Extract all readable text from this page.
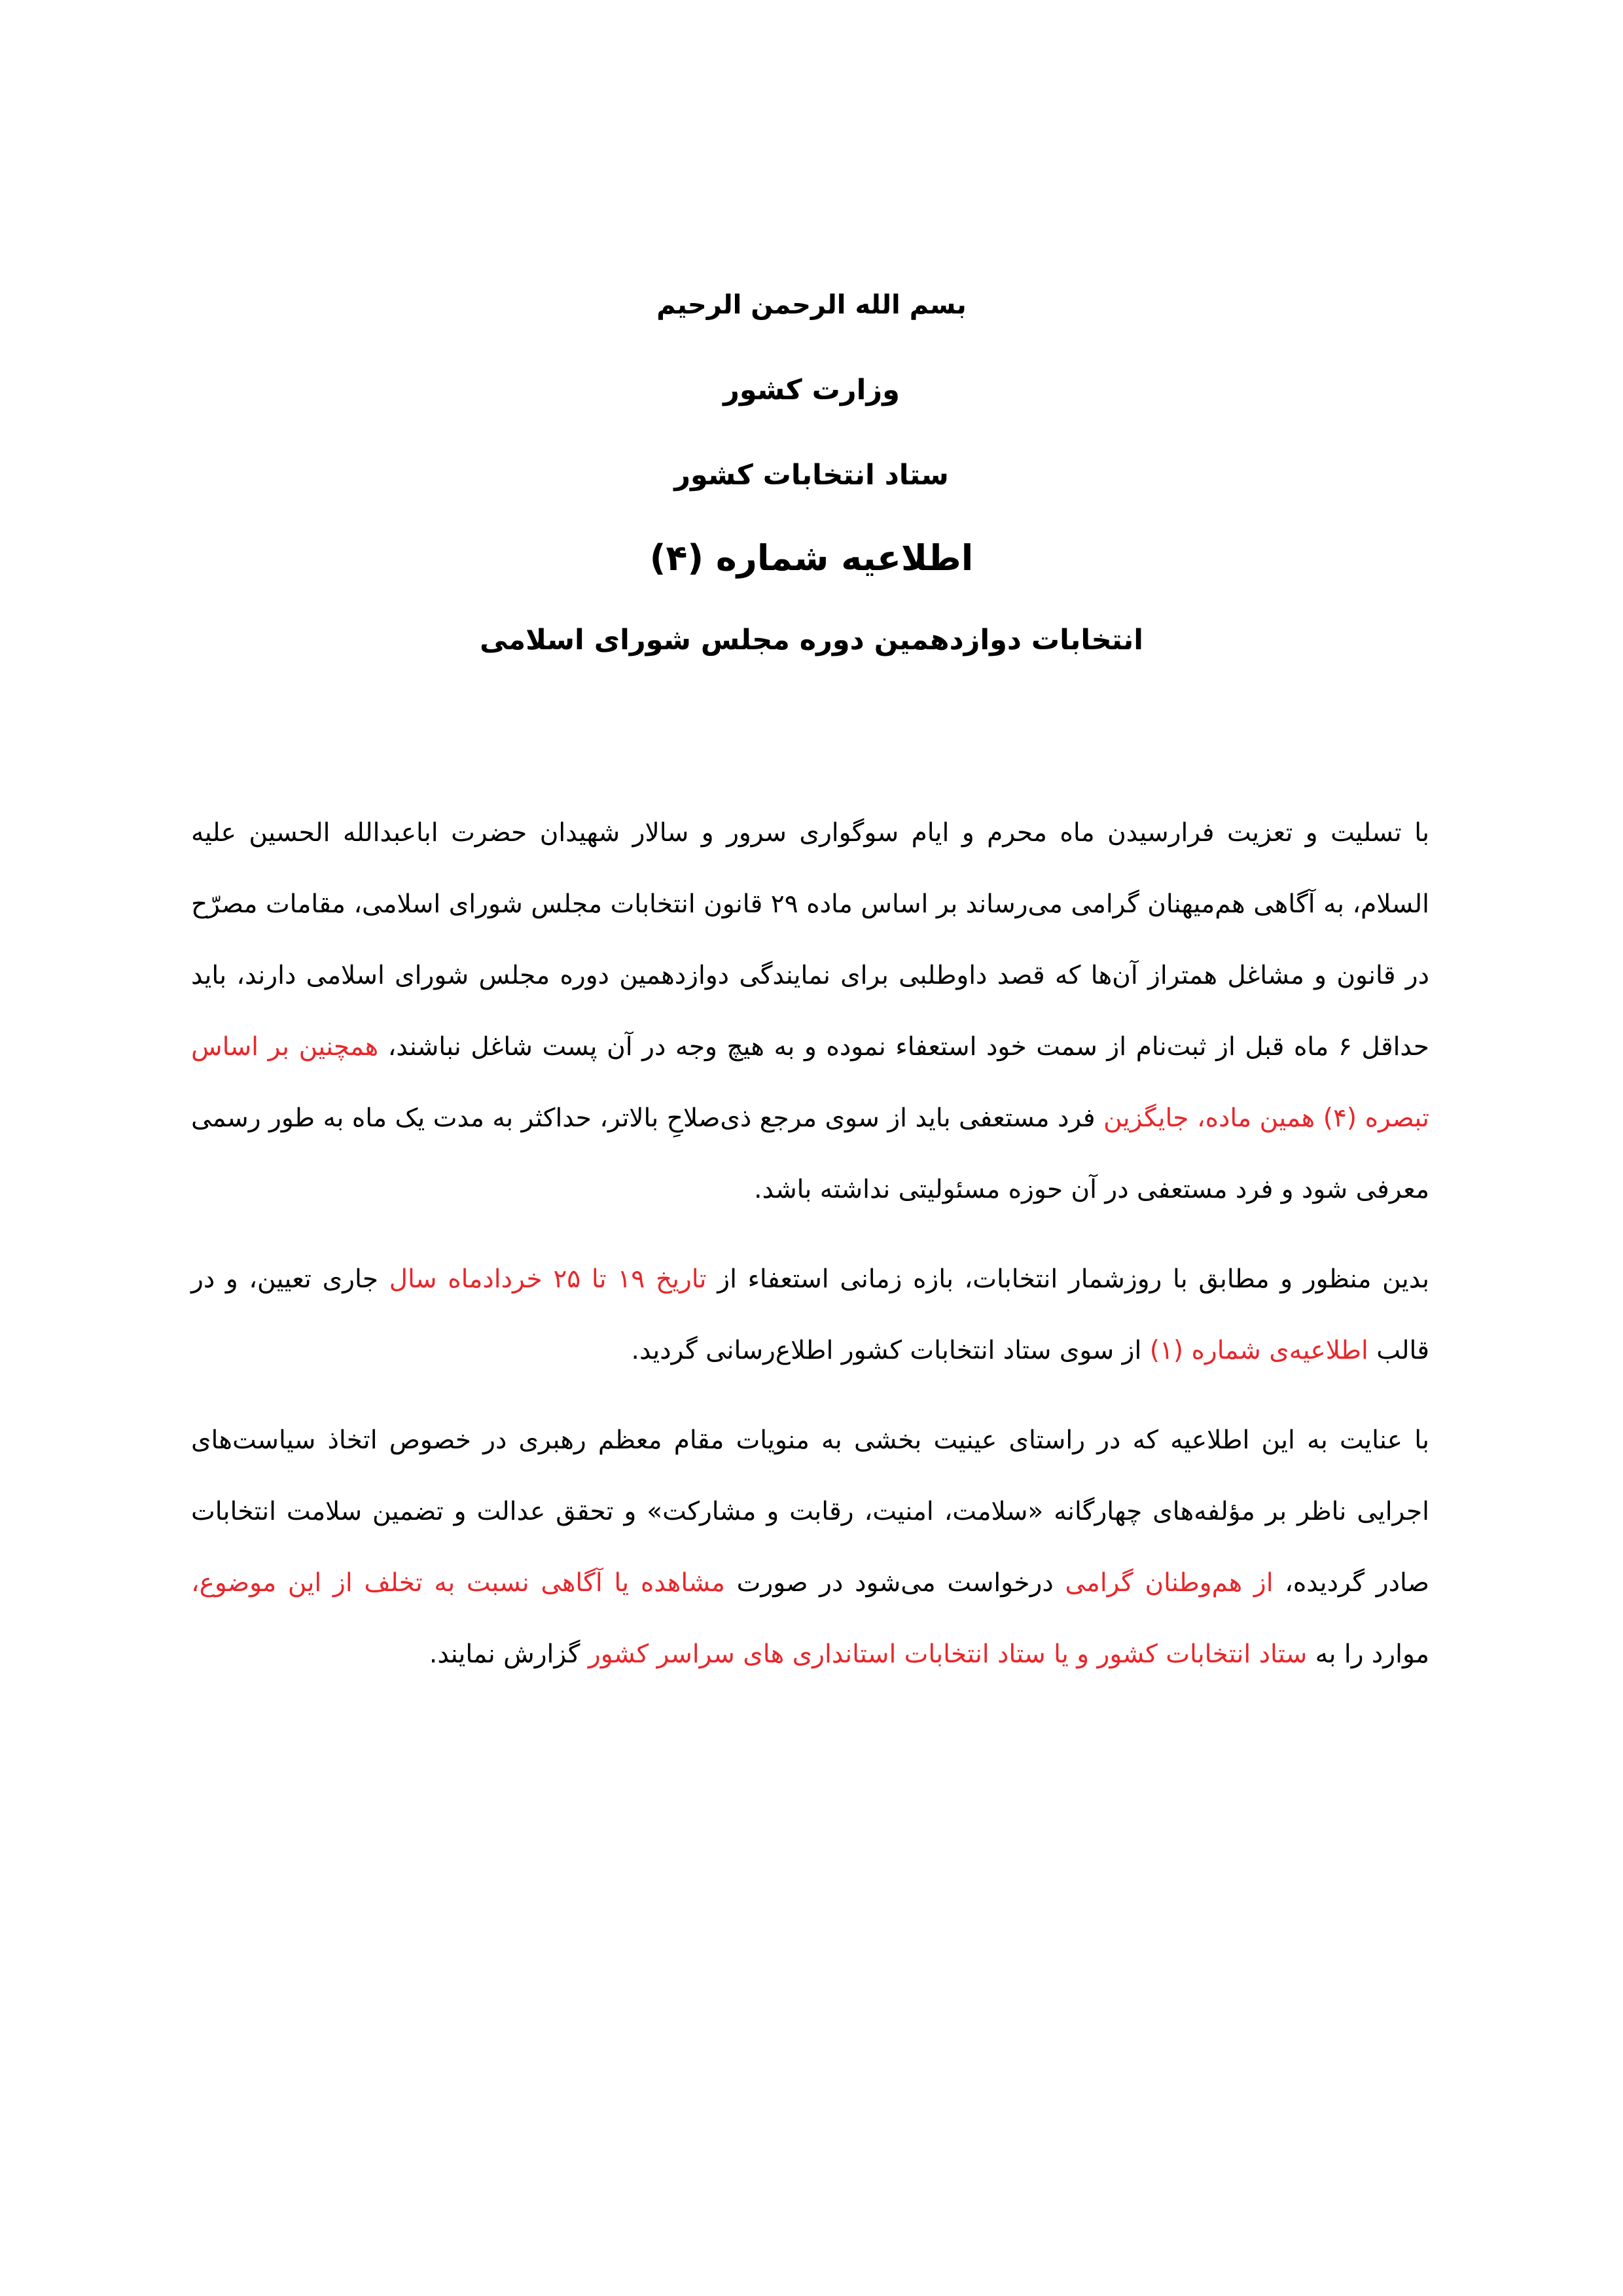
بسم الله الرحمن الرحیم
وزارت کشور
ستاد انتخابات کشور
اطلاعیه شماره (۴)
انتخابات دوازدهمین دوره مجلس شورای اسلامی

با تسلیت و تعزیت فرارسیدن ماه محرم و ایام سوگواری سرور و سالار شهیدان حضرت اباعبدالله الحسین علیه السلام، به آگاهی هم‌میهنان گرامی می‌رساند بر اساس ماده ۲۹ قانون انتخابات مجلس شورای اسلامی، مقامات مصرّح در قانون و مشاغل همتراز آن‌ها که قصد داوطلبی برای نمایندگی دوازدهمین دوره مجلس شورای اسلامی دارند، باید حداقل ۶ ماه قبل از ثبت‌نام از سمت خود استعفاء نموده و به هیچ وجه در آن پست شاغل نباشند، همچنین بر اساس تبصره (۴) همین ماده، جایگزین فرد مستعفی باید از سوی مرجع ذی‌صلاحِ بالاتر، حداکثر به مدت یک ماه به طور رسمی معرفی شود و فرد مستعفی در آن حوزه مسئولیتی نداشته باشد.

بدین منظور و مطابق با روزشمار انتخابات، بازه زمانی استعفاء از تاریخ ۱۹ تا ۲۵ خردادماه سال جاری تعیین، و در قالب اطلاعیه‌ی شماره (۱) از سوی ستاد انتخابات کشور اطلاع‌رسانی گردید.

با عنایت به این اطلاعیه که در راستای عینیت بخشی به منویات مقام معظم رهبری در خصوص اتخاذ سیاست‌های اجرایی ناظر بر مؤلفه‌های چهارگانه «سلامت، امنیت، رقابت و مشارکت» و تحقق عدالت و تضمین سلامت انتخابات صادر گردیده، از هم‌وطنان گرامی درخواست می‌شود در صورت مشاهده یا آگاهی نسبت به تخلف از این موضوع، موارد را به ستاد انتخابات کشور و یا ستاد انتخابات استانداری های سراسر کشور گزارش نمایند.
